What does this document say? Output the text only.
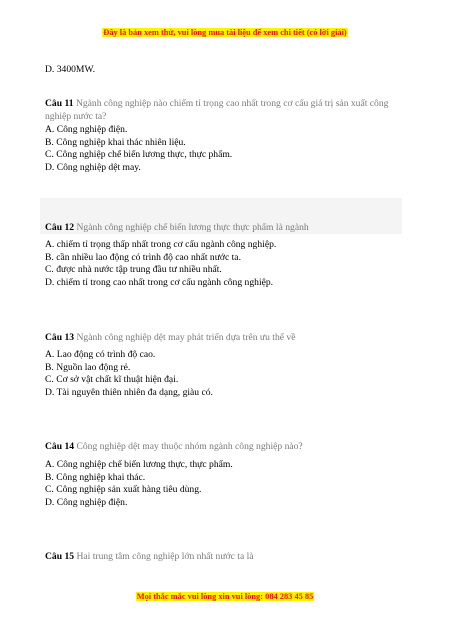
Đây là bản xem thử, vui lòng mua tài liệu để xem chi tiết (có lời giải)
D. 3400MW.
Câu 11 Ngành công nghiệp nào chiếm tỉ trọng cao nhất trong cơ cấu giá trị sản xuất công nghiệp nước ta?
A. Công nghiệp điện.
B. Công nghiệp khai thác nhiên liệu.
C. Công nghiệp chế biến lương thực, thực phẩm.
D. Công nghiệp dệt may.
Câu 12 Ngành công nghiệp chế biến lương thực thực phẩm là ngành
A. chiếm tỉ trọng thấp nhất trong cơ cấu ngành công nghiệp.
B. cần nhiều lao động có trình độ cao nhất nước ta.
C. được nhà nước tập trung đầu tư nhiều nhất.
D. chiếm tỉ trong cao nhất trong cơ cấu ngành công nghiệp.
Câu 13 Ngành công nghiệp dệt may phát triển dựa trên ưu thế về
A. Lao động có trình độ cao.
B. Nguồn lao động rẻ.
C. Cơ sở vật chất kĩ thuật hiện đại.
D. Tài nguyên thiên nhiên đa dạng, giàu có.
Câu 14 Công nghiệp dệt may thuộc nhóm ngành công nghiệp nào?
A. Công nghiệp chế biến lương thực, thực phẩm.
B. Công nghiệp khai thác.
C. Công nghiệp sản xuất hàng tiêu dùng.
D. Công nghiệp điện.
Câu 15 Hai trung tâm công nghiệp lớn nhất nước ta là
Mọi thắc mắc vui lòng xin vui lòng: 084 283 45 85
